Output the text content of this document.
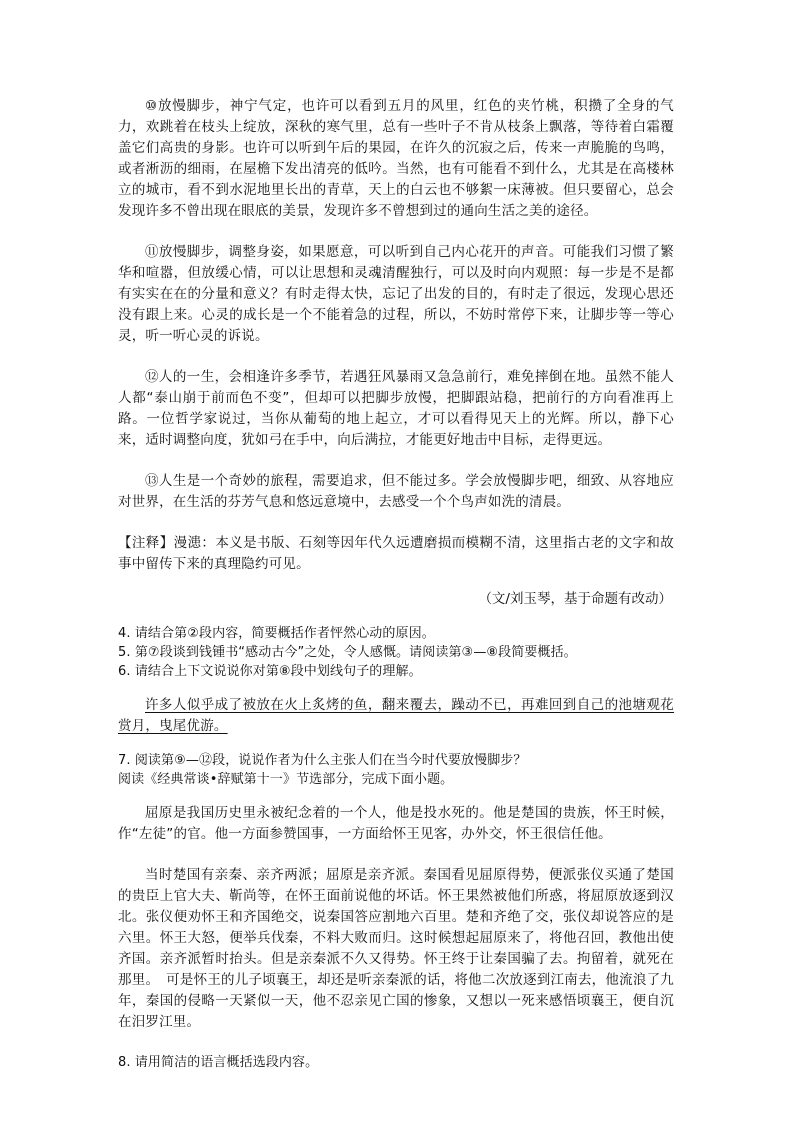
⑩放慢脚步，神宁气定，也许可以看到五月的风里，红色的夹竹桃，积攒了全身的气力，欢跳着在枝头上绽放，深秋的寒气里，总有一些叶子不肯从枝条上飘落，等待着白霜覆盖它们高贵的身影。也许可以听到午后的果园，在许久的沉寂之后，传来一声脆脆的鸟鸣，或者淅沥的细雨，在屋檐下发出清亮的低吟。当然，也有可能看不到什么，尤其是在高楼林立的城市，看不到水泥地里长出的青草，天上的白云也不够絮一床薄被。但只要留心，总会发现许多不曾出现在眼底的美景，发现许多不曾想到过的通向生活之美的途径。

⑪放慢脚步，调整身姿，如果愿意，可以听到自己内心花开的声音。可能我们习惯了繁华和喧嚣，但放缓心情，可以让思想和灵魂清醒独行，可以及时向内观照：每一步是不是都有实实在在的分量和意义？有时走得太快，忘记了出发的目的，有时走了很远，发现心思还没有跟上来。心灵的成长是一个不能着急的过程，所以，不妨时常停下来，让脚步等一等心灵，听一听心灵的诉说。

⑫人的一生，会相逢许多季节，若遇狂风暴雨又急急前行，难免摔倒在地。虽然不能人人都“泰山崩于前而色不变”，但却可以把脚步放慢，把脚跟站稳，把前行的方向看准再上路。一位哲学家说过，当你从葡萄的地上起立，才可以看得见天上的光辉。所以，静下心来，适时调整向度，犹如弓在手中，向后满拉，才能更好地击中目标，走得更远。

⑬人生是一个奇妙的旅程，需要追求，但不能过多。学会放慢脚步吧，细致、从容地应对世界，在生活的芬芳气息和悠远意境中，去感受一个个鸟声如洗的清晨。

【注释】漫漶：本义是书版、石刻等因年代久远遭磨损而模糊不清，这里指古老的文字和故事中留传下来的真理隐约可见。

（文/刘玉琴，基于命题有改动）

4. 请结合第②段内容，简要概括作者怦然心动的原因。

5. 第⑦段谈到钱锺书“感动古今”之处，令人感慨。请阅读第③—⑧段简要概括。

6. 请结合上下文说说你对第⑧段中划线句子的理解。

许多人似乎成了被放在火上炙烤的鱼，翻来覆去，躁动不已，再难回到自己的池塘观花赏月，曳尾优游。

7. 阅读第⑨—⑫段，说说作者为什么主张人们在当今时代要放慢脚步？

阅读《经典常谈•辞赋第十一》节选部分，完成下面小题。

屈原是我国历史里永被纪念着的一个人，他是投水死的。他是楚国的贵族，怀王时候，作“左徒”的官。他一方面参赞国事，一方面给怀王见客，办外交，怀王很信任他。

当时楚国有亲秦、亲齐两派；屈原是亲齐派。秦国看见屈原得势，便派张仪买通了楚国的贵臣上官大夫、靳尚等，在怀王面前说他的坏话。怀王果然被他们所惑，将屈原放逐到汉北。张仪便劝怀王和齐国绝交，说秦国答应割地六百里。楚和齐绝了交，张仪却说答应的是六里。怀王大怒，便举兵伐秦，不料大败而归。这时候想起屈原来了，将他召回，教他出使齐国。亲齐派暂时抬头。但是亲秦派不久又得势。怀王终于让秦国骗了去。拘留着，就死在那里。　可是怀王的儿子顷襄王，却还是听亲秦派的话，将他二次放逐到江南去，他流浪了九年，秦国的侵略一天紧似一天，他不忍亲见亡国的惨象，又想以一死来感悟顷襄王，便自沉在汨罗江里。

8. 请用简洁的语言概括选段内容。
